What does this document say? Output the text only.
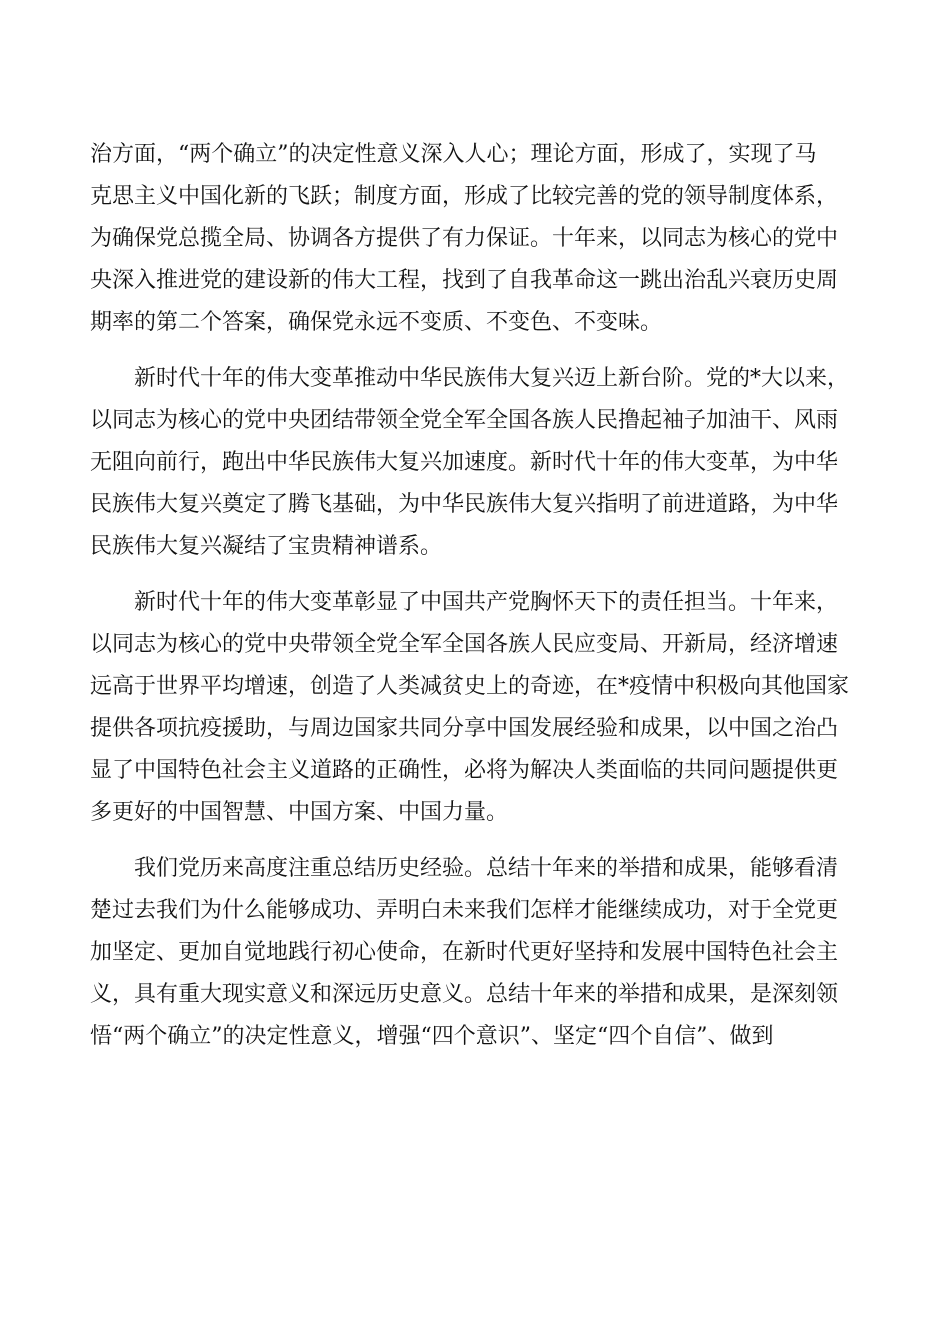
治方面，“两个确立”的决定性意义深入人心；理论方面，形成了，实现了马
克思主义中国化新的飞跃；制度方面，形成了比较完善的党的领导制度体系，
为确保党总揽全局、协调各方提供了有力保证。十年来，以同志为核心的党中
央深入推进党的建设新的伟大工程，找到了自我革命这一跳出治乱兴衰历史周
期率的第二个答案，确保党永远不变质、不变色、不变味。
新时代十年的伟大变革推动中华民族伟大复兴迈上新台阶。党的*大以来，
以同志为核心的党中央团结带领全党全军全国各族人民撸起袖子加油干、风雨
无阻向前行，跑出中华民族伟大复兴加速度。新时代十年的伟大变革，为中华
民族伟大复兴奠定了腾飞基础，为中华民族伟大复兴指明了前进道路，为中华
民族伟大复兴凝结了宝贵精神谱系。
新时代十年的伟大变革彰显了中国共产党胸怀天下的责任担当。十年来，
以同志为核心的党中央带领全党全军全国各族人民应变局、开新局，经济增速
远高于世界平均增速，创造了人类减贫史上的奇迹，在*疫情中积极向其他国家
提供各项抗疫援助，与周边国家共同分享中国发展经验和成果，以中国之治凸
显了中国特色社会主义道路的正确性，必将为解决人类面临的共同问题提供更
多更好的中国智慧、中国方案、中国力量。
我们党历来高度注重总结历史经验。总结十年来的举措和成果，能够看清
楚过去我们为什么能够成功、弄明白未来我们怎样才能继续成功，对于全党更
加坚定、更加自觉地践行初心使命，在新时代更好坚持和发展中国特色社会主
义，具有重大现实意义和深远历史意义。总结十年来的举措和成果，是深刻领
悟“两个确立”的决定性意义，增强“四个意识”、坚定“四个自信”、做到
